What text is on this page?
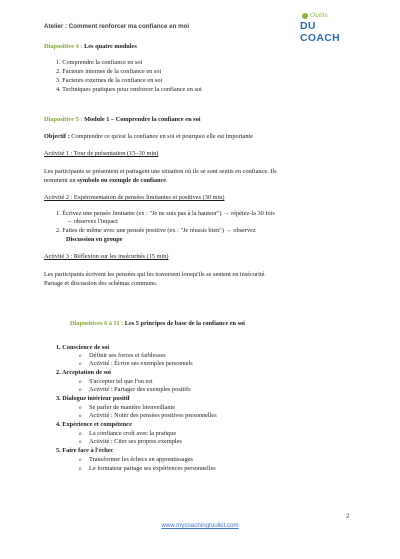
Atelier : Comment renforcer ma confiance en moi
Outils
DU COACH
Diapositive 4 : Les quatre modules
1. Comprendre la confiance en soi
2. Facteurs internes de la confiance en soi
3. Facteurs externes de la confiance en soi
4. Techniques pratiques pour renforcer la confiance en soi
Diapositive 5 : Module 1 – Comprendre la confiance en soi
Objectif : Comprendre ce qu'est la confiance en soi et pourquoi elle est importante
Activité 1 : Tour de présentation (15–30 min)
Les participants se présentent et partagent une situation où ils se sont sentis en confiance. Ils
nomment un symbole ou exemple de confiance.
Activité 2 : Expérimentation de pensées limitantes et positives (30 min)
1. Écrivez une pensée limitante (ex : "Je ne suis pas à la hauteur") → répétez-la 30 fois
→ observez l'impact
2. Faites de même avec une pensée positive (ex : "Je réussis bien") → observez
Discussion en groupe
Activité 3 : Réflexion sur les insécurités (15 min)
Les participants écrivent les pensées qui les traversent lorsqu'ils se sentent en insécurité.
Partage et discussion des schémas communs.
Diapositives 6 à 11 : Les 5 principes de base de la confiance en soi
1. Conscience de soi
o Définir ses forces et faiblesses
o Activité : Écrire ses exemples personnels
2. Acceptation de soi
o S'accepter tel que l'on est
o Activité : Partager des exemples positifs
3. Dialogue intérieur positif
o Se parler de manière bienveillante
o Activité : Noter des pensées positives personnelles
4. Expérience et compétence
o La confiance croît avec la pratique
o Activité : Citer ses propres exemples
5. Faire face à l'échec
o Transformer les échecs en apprentissages
o Le formateur partage ses expériences personnelles
2
www.mycoachingtoolkit.com
